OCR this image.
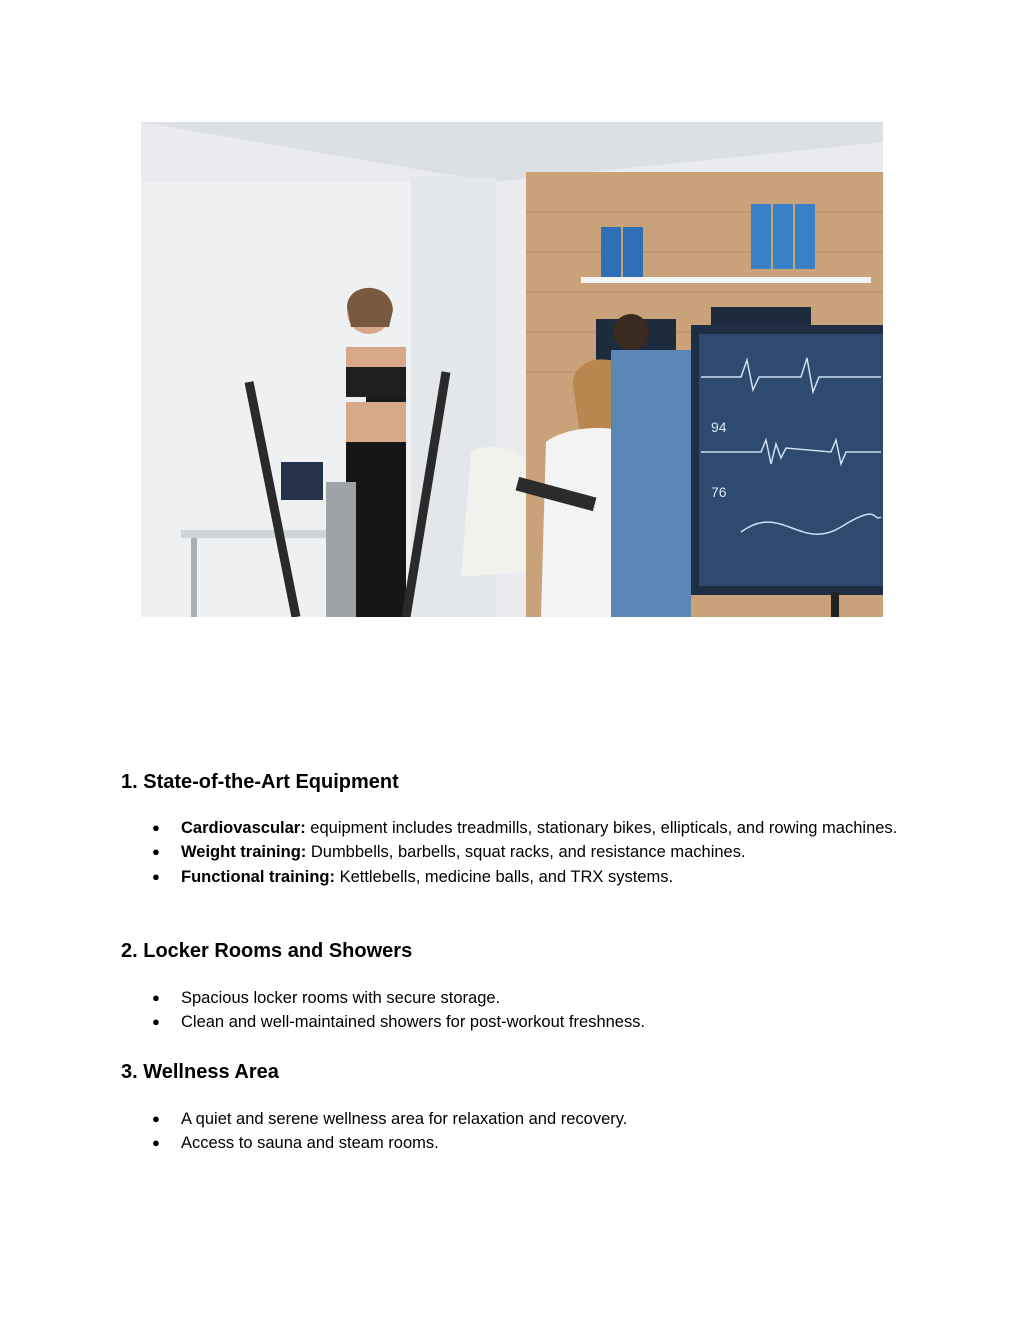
94
76
1. State-of-the-Art Equipment
● Cardiovascular: equipment includes treadmills, stationary bikes, ellipticals, and rowing machines.
● Weight training: Dumbbells, barbells, squat racks, and resistance machines.
● Functional training: Kettlebells, medicine balls, and TRX systems.
2. Locker Rooms and Showers
● Spacious locker rooms with secure storage.
● Clean and well-maintained showers for post-workout freshness.
3. Wellness Area
● A quiet and serene wellness area for relaxation and recovery.
● Access to sauna and steam rooms.
